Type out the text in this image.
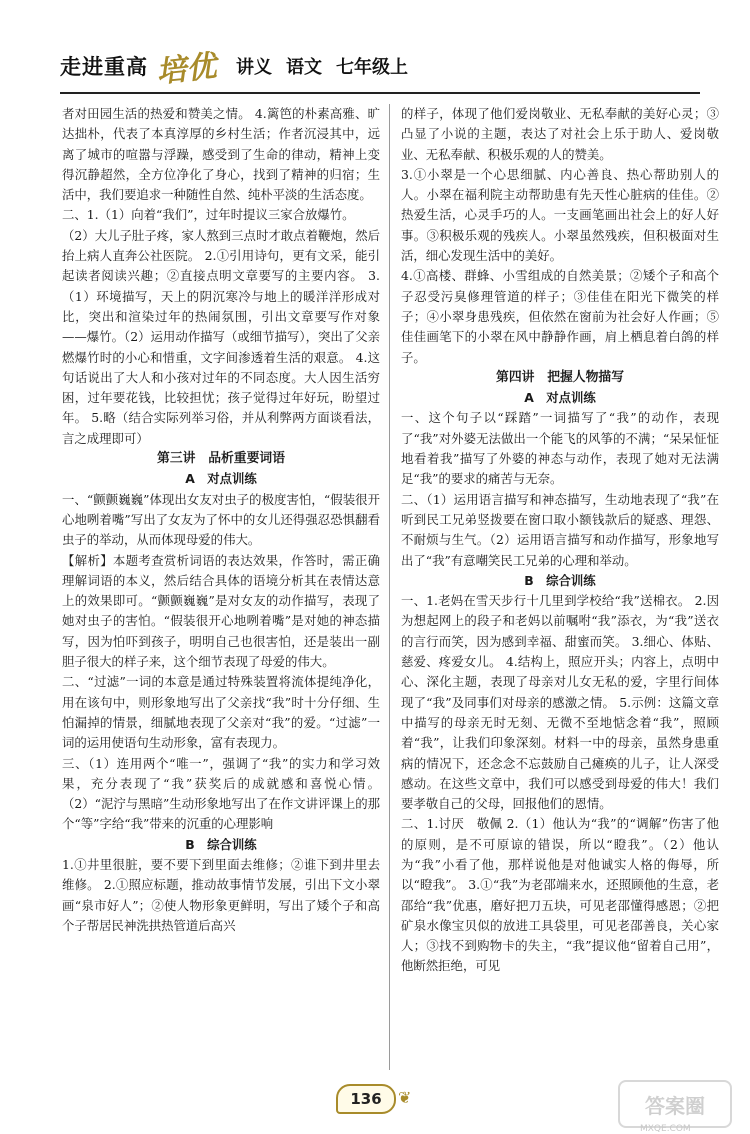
走进重高 培优 讲义 语文 七年级上

者对田园生活的热爱和赞美之情。 4.篱笆的朴素高雅、旷达拙朴，代表了本真淳厚的乡村生活；作者沉浸其中，远离了城市的喧嚣与浮躁，感受到了生命的律动，精神上变得沉静超然，全方位净化了身心，找到了精神的归宿；生活中，我们要追求一种随性自然、纯朴平淡的生活态度。

二、1.（1）向着“我们”，过年时提议三家合放爆竹。

（2）大儿子肚子疼，家人熬到三点时才敢点着鞭炮，然后抬上病人直奔公社医院。 2.①引用诗句，更有文采，能引起读者阅读兴趣；②直接点明文章要写的主要内容。 3.（1）环境描写，天上的阴沉寒冷与地上的暖洋洋形成对比，突出和渲染过年的热闹氛围，引出文章要写作对象——爆竹。（2）运用动作描写（或细节描写），突出了父亲燃爆竹时的小心和惜重，文字间渗透着生活的艰意。 4.这句话说出了大人和小孩对过年的不同态度。大人因生活穷困，过年要花钱，比较担忧；孩子觉得过年好玩，盼望过年。 5.略（结合实际列举习俗，并从利弊两方面谈看法，言之成理即可）

第三讲　品析重要词语

A　对点训练

一、“颤颤巍巍”体现出女友对虫子的极度害怕，“假装很开心地咧着嘴”写出了女友为了怀中的女儿还得强忍恐惧翻看虫子的举动，从而体现母爱的伟大。

【解析】本题考查赏析词语的表达效果，作答时，需正确理解词语的本义，然后结合具体的语境分析其在表情达意上的效果即可。“颤颤巍巍”是对女友的动作描写，表现了她对虫子的害怕。“假装很开心地咧着嘴”是对她的神态描写，因为怕吓到孩子，明明自己也很害怕，还是装出一副胆子很大的样子来，这个细节表现了母爱的伟大。

二、“过滤”一词的本意是通过特殊装置将流体提纯净化，用在该句中，则形象地写出了父亲找“我”时十分仔细、生怕漏掉的情景，细腻地表现了父亲对“我”的爱。“过滤”一词的运用使语句生动形象，富有表现力。

三、（1）连用两个“唯一”，强调了“我”的实力和学习效果，充分表现了“我”获奖后的成就感和喜悦心情。（2）“泥泞与黑暗”生动形象地写出了在作文讲评课上的那个“等”字给“我”带来的沉重的心理影响

B　综合训练

1.①井里很脏，要不要下到里面去维修；②谁下到井里去维修。 2.①照应标题，推动故事情节发展，引出下文小翠画“泉市好人”；②使人物形象更鲜明，写出了矮个子和高个子帮居民神洗拱热管道后高兴

的样子，体现了他们爱岗敬业、无私奉献的美好心灵；③凸显了小说的主题，表达了对社会上乐于助人、爱岗敬业、无私奉献、积极乐观的人的赞美。

3.①小翠是一个心思细腻、内心善良、热心帮助别人的人。小翠在福利院主动帮助患有先天性心脏病的佳佳。②热爱生活，心灵手巧的人。一支画笔画出社会上的好人好事。③积极乐观的残疾人。小翠虽然残疾，但积极面对生活，细心发现生活中的美好。

4.①高楼、群蜂、小雪组成的自然美景；②矮个子和高个子忍受污臭修理管道的样子；③佳佳在阳光下微笑的样子；④小翠身患残疾，但依然在窗前为社会好人作画；⑤佳佳画笔下的小翠在风中静静作画，肩上栖息着白鸽的样子。

第四讲　把握人物描写

A　对点训练

一、这个句子以“踩踏”一词描写了“我”的动作，表现了“我”对外婆无法做出一个能飞的风筝的不满；“呆呆怔怔地看着我”描写了外婆的神态与动作，表现了她对无法满足“我”的要求的痛苦与无奈。

二、（1）运用语言描写和神态描写，生动地表现了“我”在听到民工兄弟竖拨要在窗口取小额钱款后的疑惑、理怨、不耐烦与生气。（2）运用语言描写和动作描写，形象地写出了“我”有意嘲笑民工兄弟的心理和举动。

B　综合训练

一、1.老妈在雪天步行十几里到学校给“我”送棉衣。 2.因为想起网上的段子和老妈以前嘱咐“我”添衣，为“我”送衣的言行而笑，因为感到幸福、甜蜜而笑。 3.细心、体贴、慈爱、疼爱女儿。 4.结构上，照应开头；内容上，点明中心、深化主题，表现了母亲对儿女无私的爱，字里行间体现了“我”及同事们对母亲的感激之情。 5.示例：这篇文章中描写的母亲无时无刻、无微不至地惦念着“我”，照顾着“我”，让我们印象深刻。材料一中的母亲，虽然身患重病的情况下，还念念不忘鼓励自己瘫痪的儿子，让人深受感动。在这些文章中，我们可以感受到母爱的伟大！我们要孝敬自己的父母，回报他们的恩情。

二、1.讨厌　敬佩 2.（1）他认为“我”的“调解”伤害了他的原则，是不可原谅的错误，所以“瞪我”。（2）他认为“我”小看了他，那样说他是对他诚实人格的侮辱，所以“瞪我”。 3.①“我”为老邵端来水，还照顾他的生意，老邵给“我”优惠，磨好把刀五块，可见老邵懂得感恩；②把矿泉水像宝贝似的放进工具袋里，可见老邵善良，关心家人；③找不到购物卡的失主，“我”提议他“留着自己用”，他断然拒绝，可见

136	❦	答案圈
MXQE.COM
